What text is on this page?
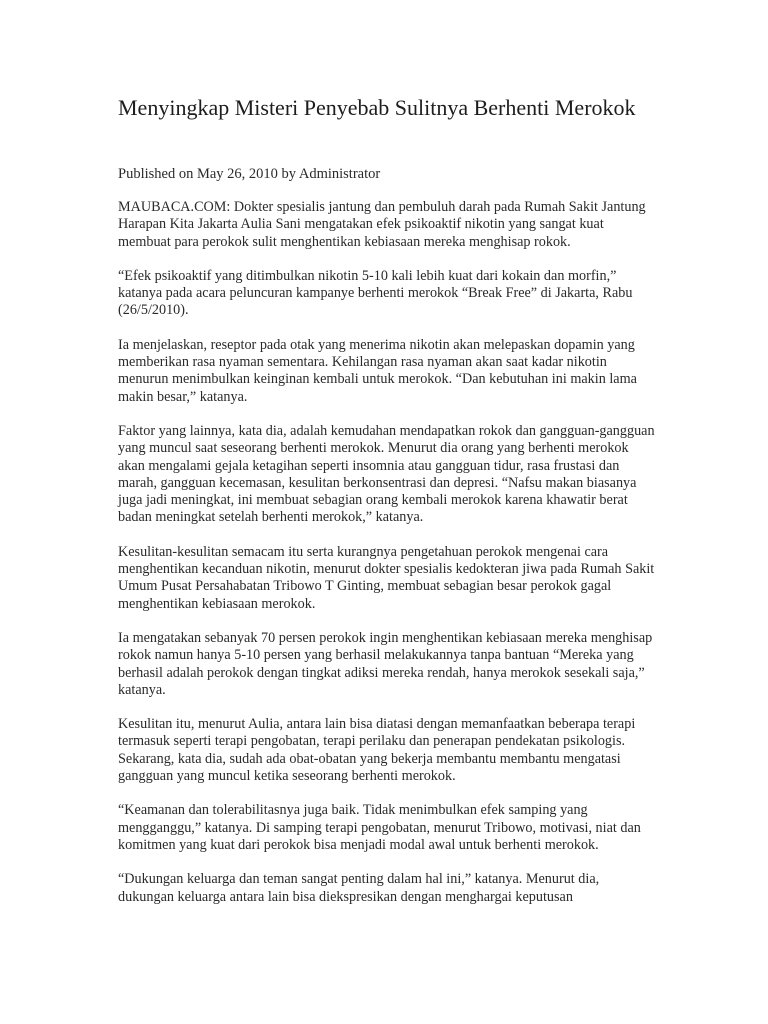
Menyingkap Misteri Penyebab Sulitnya Berhenti Merokok

Published on May 26, 2010 by Administrator

MAUBACA.COM: Dokter spesialis jantung dan pembuluh darah pada Rumah Sakit Jantung Harapan Kita Jakarta Aulia Sani mengatakan efek psikoaktif nikotin yang sangat kuat membuat para perokok sulit menghentikan kebiasaan mereka menghisap rokok.

“Efek psikoaktif yang ditimbulkan nikotin 5-10 kali lebih kuat dari kokain dan morfin,” katanya pada acara peluncuran kampanye berhenti merokok “Break Free” di Jakarta, Rabu (26/5/2010).

Ia menjelaskan, reseptor pada otak yang menerima nikotin akan melepaskan dopamin yang memberikan rasa nyaman sementara. Kehilangan rasa nyaman akan saat kadar nikotin menurun menimbulkan keinginan kembali untuk merokok. “Dan kebutuhan ini makin lama makin besar,” katanya.

Faktor yang lainnya, kata dia, adalah kemudahan mendapatkan rokok dan gangguan-gangguan yang muncul saat seseorang berhenti merokok. Menurut dia orang yang berhenti merokok akan mengalami gejala ketagihan seperti insomnia atau gangguan tidur, rasa frustasi dan marah, gangguan kecemasan, kesulitan berkonsentrasi dan depresi. “Nafsu makan biasanya juga jadi meningkat, ini membuat sebagian orang kembali merokok karena khawatir berat badan meningkat setelah berhenti merokok,” katanya.

Kesulitan-kesulitan semacam itu serta kurangnya pengetahuan perokok mengenai cara menghentikan kecanduan nikotin, menurut dokter spesialis kedokteran jiwa pada Rumah Sakit Umum Pusat Persahabatan Tribowo T Ginting, membuat sebagian besar perokok gagal menghentikan kebiasaan merokok.

Ia mengatakan sebanyak 70 persen perokok ingin menghentikan kebiasaan mereka menghisap rokok namun hanya 5-10 persen yang berhasil melakukannya tanpa bantuan “Mereka yang berhasil adalah perokok dengan tingkat adiksi mereka rendah, hanya merokok sesekali saja,” katanya.

Kesulitan itu, menurut Aulia, antara lain bisa diatasi dengan memanfaatkan beberapa terapi termasuk seperti terapi pengobatan, terapi perilaku dan penerapan pendekatan psikologis. Sekarang, kata dia, sudah ada obat-obatan yang bekerja membantu membantu mengatasi gangguan yang muncul ketika seseorang berhenti merokok.

“Keamanan dan tolerabilitasnya juga baik. Tidak menimbulkan efek samping yang mengganggu,” katanya. Di samping terapi pengobatan, menurut Tribowo, motivasi, niat dan komitmen yang kuat dari perokok bisa menjadi modal awal untuk berhenti merokok.

“Dukungan keluarga dan teman sangat penting dalam hal ini,” katanya. Menurut dia, dukungan keluarga antara lain bisa diekspresikan dengan menghargai keputusan
